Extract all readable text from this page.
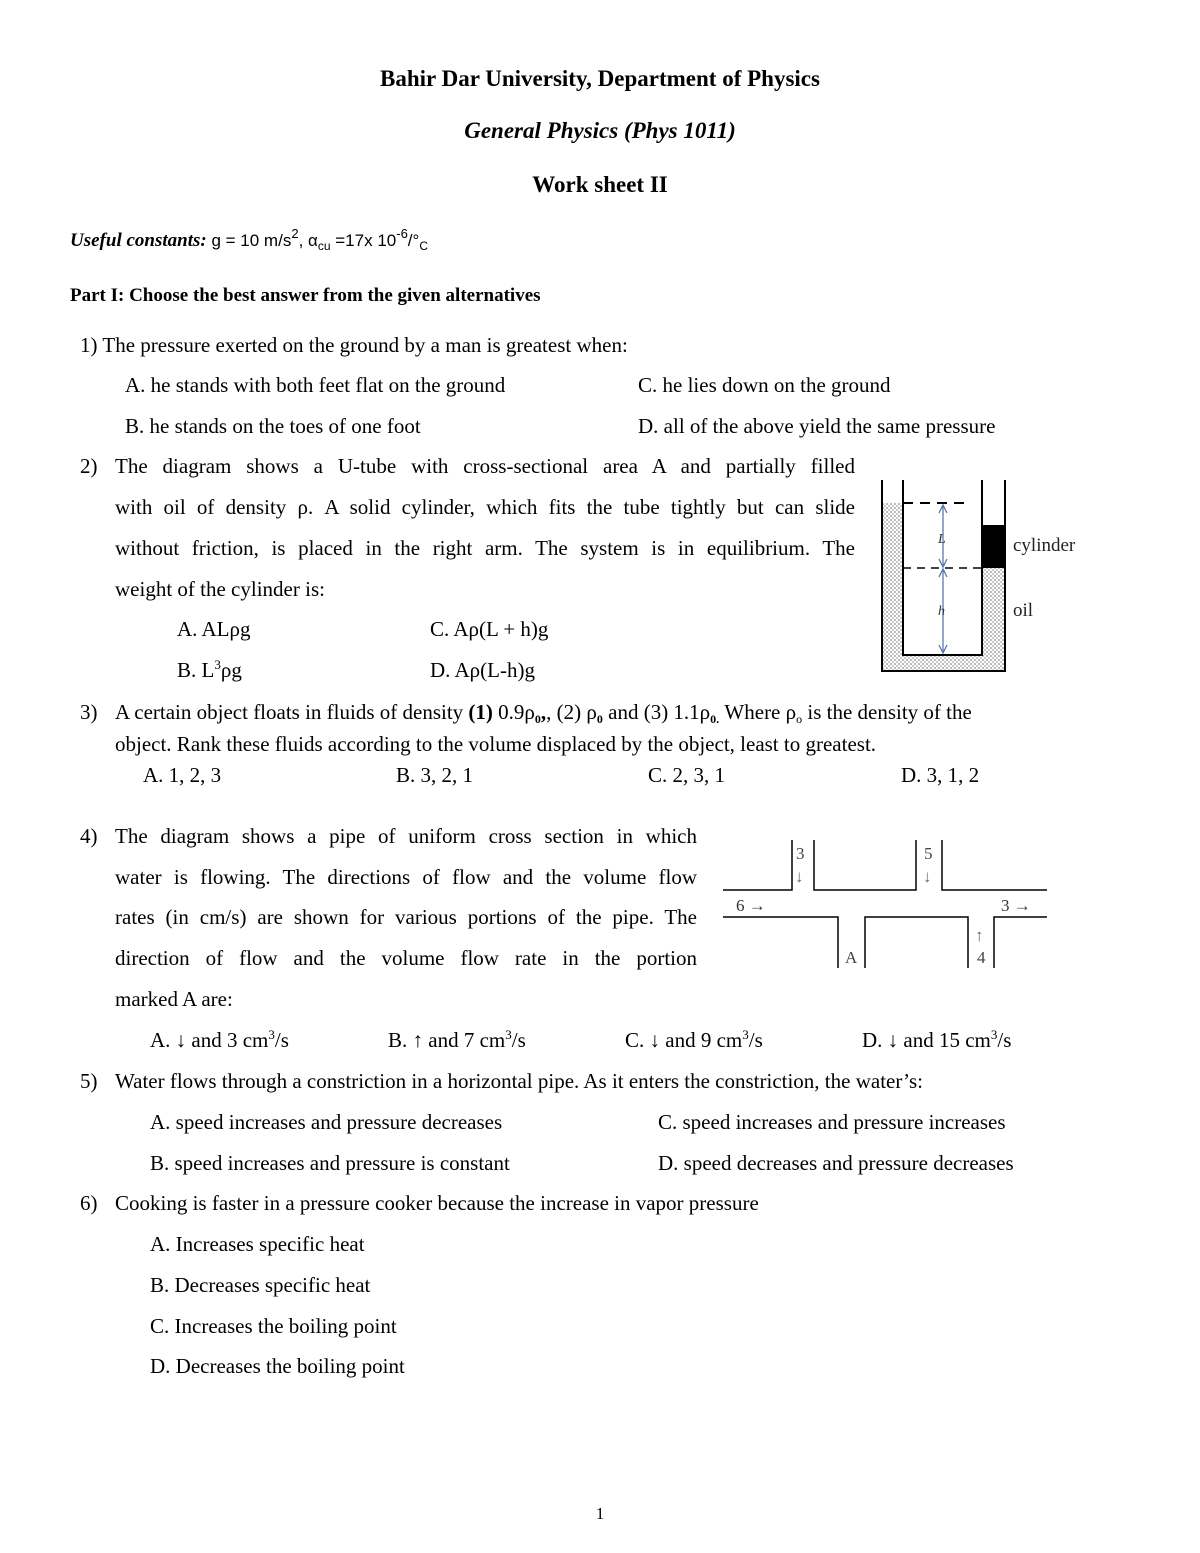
Bahir Dar University, Department of Physics
General Physics (Phys 1011)
Work sheet II
Useful constants: g = 10 $m/s^2$, $\alpha_{cu} =17x$ $10^{-6}/^\circ_C$
Part I: Choose the best answer from the given alternatives
1) The pressure exerted on the ground by a man is greatest when:
A. he stands with both feet flat on the ground	C. he lies down on the ground
B. he stands on the toes of one foot	D. all of the above yield the same pressure
2) The diagram shows a U-tube with cross-sectional area A and partially filled
with oil of density ρ. A solid cylinder, which fits the tube tightly but can slide
without friction, is placed in the right arm. The system is in equilibrium. The
weight of the cylinder is:
A. ALρg	C. Aρ(L + h)g
B. $L^3\rho g$	D. Aρ(L-h)g
L
h
cylinder
oil
3) A certain object floats in fluids of density (1) $0.9\rho_0$,, (2) $\rho_0$ and (3) $1.1\rho_{0.}$ Where $\rho_o$ is the density of the
object. Rank these fluids according to the volume displaced by the object, least to greatest.
A. 1, 2, 3	B. 3, 2, 1	C. 2, 3, 1	D. 3, 1, 2
4) The diagram shows a pipe of uniform cross section in which
water is flowing. The directions of flow and the volume flow
rates (in cm/s) are shown for various portions of the pipe. The
direction of flow and the volume flow rate in the portion
marked A are:
A. ↓ and 3 $cm^3/s$	B. ↑ and 7 $cm^3/s$	C. ↓ and 9 $cm^3/s$	D. ↓ and 15 $cm^3/s$
3
↓
5
↓
6 →	3 →
↑
4
A
5) Water flows through a constriction in a horizontal pipe. As it enters the constriction, the water’s:
A. speed increases and pressure decreases	C. speed increases and pressure increases
B. speed increases and pressure is constant	D. speed decreases and pressure decreases
6) Cooking is faster in a pressure cooker because the increase in vapor pressure
A. Increases specific heat
B. Decreases specific heat
C. Increases the boiling point
D. Decreases the boiling point
1
